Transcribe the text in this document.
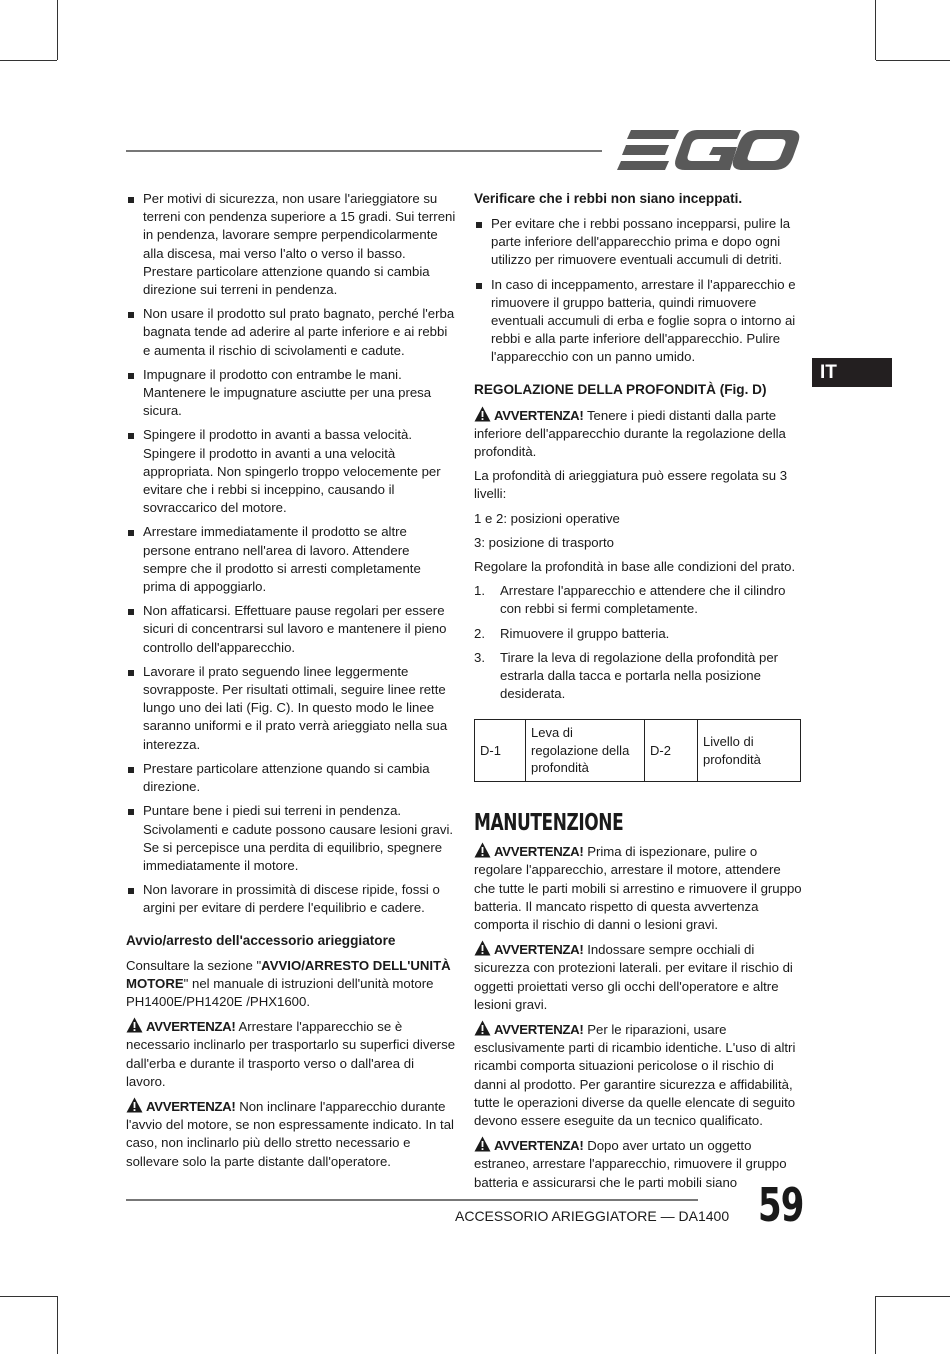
IT
Per motivi di sicurezza, non usare l'arieggiatore su terreni con pendenza superiore a 15 gradi. Sui terreni in pendenza, lavorare sempre perpendicolarmente alla discesa, mai verso l'alto o verso il basso. Prestare particolare attenzione quando si cambia direzione sui terreni in pendenza.
Non usare il prodotto sul prato bagnato, perché l'erba bagnata tende ad aderire al parte inferiore e ai rebbi e aumenta il rischio di scivolamenti e cadute.
Impugnare il prodotto con entrambe le mani. Mantenere le impugnature asciutte per una presa sicura.
Spingere il prodotto in avanti a bassa velocità. Spingere il prodotto in avanti a una velocità appropriata. Non spingerlo troppo velocemente per evitare che i rebbi si inceppino, causando il sovraccarico del motore.
Arrestare immediatamente il prodotto se altre persone entrano nell'area di lavoro. Attendere sempre che il prodotto si arresti completamente prima di appoggiarlo.
Non affaticarsi. Effettuare pause regolari per essere sicuri di concentrarsi sul lavoro e mantenere il pieno controllo dell'apparecchio.
Lavorare il prato seguendo linee leggermente sovrapposte. Per risultati ottimali, seguire linee rette lungo uno dei lati (Fig. C). In questo modo le linee saranno uniformi e il prato verrà arieggiato nella sua interezza.
Prestare particolare attenzione quando si cambia direzione.
Puntare bene i piedi sui terreni in pendenza. Scivolamenti e cadute possono causare lesioni gravi. Se si percepisce una perdita di equilibrio, spegnere immediatamente il motore.
Non lavorare in prossimità di discese ripide, fossi o argini per evitare di perdere l'equilibrio e cadere.
Avvio/arresto dell'accessorio arieggiatore

Consultare la sezione "AVVIO/ARRESTO DELL'UNITÀ MOTORE" nel manuale di istruzioni dell'unità motore PH1400E/PH1420E /PHX1600.

AVVERTENZA! Arrestare l'apparecchio se è necessario inclinarlo per trasportarlo su superfici diverse dall'erba e durante il trasporto verso o dall'area di lavoro.

AVVERTENZA! Non inclinare l'apparecchio durante l'avvio del motore, se non espressamente indicato. In tal caso, non inclinarlo più dello stretto necessario e sollevare solo la parte distante dall'operatore.

Verificare che i rebbi non siano inceppati.
Per evitare che i rebbi possano incepparsi, pulire la parte inferiore dell'apparecchio prima e dopo ogni utilizzo per rimuovere eventuali accumuli di detriti.
In caso di inceppamento, arrestare il l'apparecchio e rimuovere il gruppo batteria, quindi rimuovere eventuali accumuli di erba e foglie sopra o intorno ai rebbi e alla parte inferiore dell'apparecchio. Pulire l'apparecchio con un panno umido.
REGOLAZIONE DELLA PROFONDITÀ (Fig. D)

AVVERTENZA! Tenere i piedi distanti dalla parte inferiore dell'apparecchio durante la regolazione della profondità.

La profondità di arieggiatura può essere regolata su 3 livelli:

1 e 2: posizioni operative

3: posizione di trasporto

Regolare la profondità in base alle condizioni del prato.

1. Arrestare l'apparecchio e attendere che il cilindro con rebbi si fermi completamente.
2. Rimuovere il gruppo batteria.
3. Tirare la leva di regolazione della profondità per estrarla dalla tacca e portarla nella posizione desiderata.
D-1	Leva di regolazione della profondità	D-2	Livello di profondità
MANUTENZIONE

AVVERTENZA! Prima di ispezionare, pulire o regolare l'apparecchio, arrestare il motore, attendere che tutte le parti mobili si arrestino e rimuovere il gruppo batteria. Il mancato rispetto di questa avvertenza comporta il rischio di danni o lesioni gravi.

AVVERTENZA! Indossare sempre occhiali di sicurezza con protezioni laterali. per evitare il rischio di oggetti proiettati verso gli occhi dell'operatore e altre lesioni gravi.

AVVERTENZA! Per le riparazioni, usare esclusivamente parti di ricambio identiche. L'uso di altri ricambi comporta situazioni pericolose o il rischio di danni al prodotto. Per garantire sicurezza e affidabilità, tutte le operazioni diverse da quelle elencate di seguito devono essere eseguite da un tecnico qualificato.

AVVERTENZA! Dopo aver urtato un oggetto estraneo, arrestare l'apparecchio, rimuovere il gruppo batteria e assicurarsi che le parti mobili siano

ACCESSORIO ARIEGGIATORE — DA1400 59
